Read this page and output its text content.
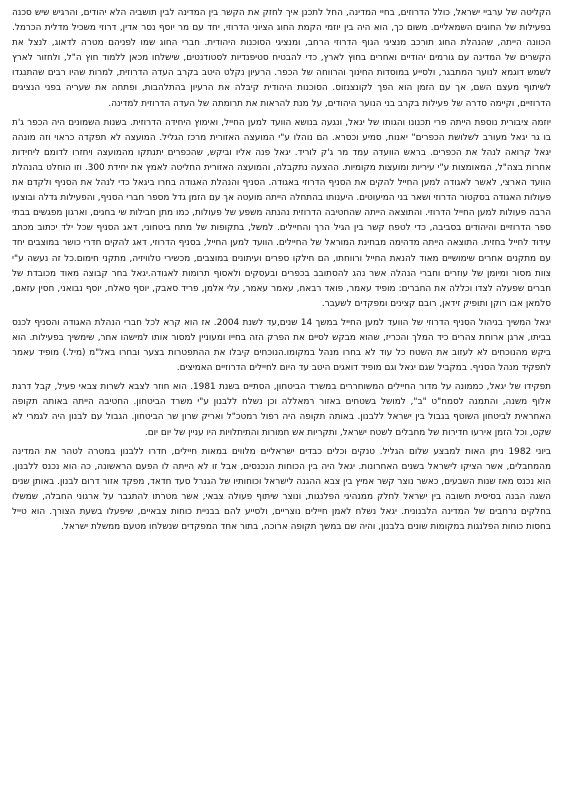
הקליטה של ערביי ישראל, כולל הדרוזים, בחיי המדינה, החל לתכנן איך לחזק את הקשר בין המדינה לבין תושביה הלא יהודים, והרגיש שיש סכנה בפעילות של החוגים השמאליים. משום כך, הוא היה בין יוזמי הקמת החוג הציוני הדרוזי, יחד עם מר יוסף נסר אדין, דרוזי משכיל מדלית הכרמל. הכוונה הייתה, שהנהלת החוג תורכב מנציגי הגוף הדרוזי הרחב, ומנציגי הסוכנות היהודית. חברי החוג שמו לפניהם מטרה לדאוג, לנצל את הקשרים של המדינה עם גורמים יהודיים ואחרים בחוץ לארץ, כדי להבטיח סטיפנדיות לסטודנטים, שישלחו מכאן ללמוד חוץ ה"ל, ולחזור לארץ לשמש דוגמא לנוער המתבגר, ולסייע במוסדות החינוך והרווחה של הכפר. הרעיון נקלט היטב בקרב העדה הדרוזית, למרות שהיו רבים שהתנגדו לשיתוף מעצם השם, אך עם הזמן הוא הפך לקונצנזוס. הסוכנות היהודית קיבלה את הרעיון בהתלהבות, ופתחה את שעריה בפני הנציגים הדרוזיים, וקיימה סדרה של פעילות בקרב בני הנוער היהודים, על מנת להראות את תרומתה של העדה הדרוזית למדינה.

יוזמה ציבורית נוספת הייתה פרי תכנונו והגותו של יגאל, ונגעה בנושא הוועד למען החייל, ואימוץ היחידה הדרוזית. בשנות השמונים היה הכפר ג'ת בו גר יגאל מעורב לשלושת הכפרים" יאנוח, סמיע וכסרא. הם נוהלו ע"י המועצה האזורית מרכז הגליל. המועצה לא תפקדה כראוי וזה מונהה יגאל קרואה לנהל את הכפרים. בראש הוועדה עמד מר ג'ק לוריד. יגאל פנה אליו וביקש, שהכפרים יתנתקו מהמועצה ויחזרו לדומם ליחידות אחרות בצה"ל, המאומצות ע"י עיריות ומועצות מקומיות. ההצעה נתקבלה, והמועצה האזורית החליטה לאמץ את יחידת 300. וזו הוחלט בהנהלת הוועד הארצי, לאשר לאגודה למען החייל להקים את הסניף הדרוזי באגודה. הסניף והנהלת האגודה בחרו ביגאל כדי לנהל את הסניף ולקדם את פעולות האגודה בסקטור הדרוזי ושאר בני המיעוטים. היענותו בהתחלה הייתה מועטה אך עם הזמן גדל מספר חברי הסניף, והפעילות גדלה ובוצעו הרבה פעולות למען החייל הדרוזי. והתוצאה הייתה שהחטיבה הדרוזית נהנתה משפע של פעולות, כמו מתן חבילות שי בחגים, וארגון מפגשים בבתי ספר הדרוזיים והיהודים בסביבה, כדי לטפח קשר בין הגיל הרך והחיילים. למשל, בתקופות של מתח ביטחוני, דאג הסניף שכל ילד יכתוב מכתב עידוד לחייל בחזית. התוצאה הייתה מדהימה מבחינת המוראל של החיילים. הוועד למען החייל, בסניף הדרוזי, דאג להקים חדרי כושר במוצבים יחד עם מתקנים אחרים שימושיים מאוד להנאת החייל ורווחתו, הם חילקו ספרים ועיתונים במוצבים, מכשירי טלוויזיה, מתקני חימום.כל זה נעשה ע"י צוות מסור ומיומן של עוזרים וחברי הנהלה אשר נהג להסתובב בכפרים ובעסקים ולאסוף תרומות לאגודה.יגאל בחר קבוצה מאוד מכובדת של חברים שפעלה לצדו וכללה את החברים: מופיד עאמר, פואד רבאח, עאמר עאמר, עלי אלמן, פריד סאבק, יוסף סאלח, יוסף נבואני, חסין עזאם, סלמאן אבו רוקן ותופיק זידאן, רובם קצינים ומפקדים לשעבר.

יגאל המשיך בניהול הסניף הדרוזי של הוועד למען החייל במשך 14 שנים,עד לשנת 2004. אז הוא קרא לכל חברי הנהלת האגודה והסניף לכנס בביתו, ארגן ארוחת צהרים כיד המלך והכריז, שהוא מבקש לסיים את הפרק הזה בחייו ומעוניין למסור אותו למישהו אחר, שימשיך בפעילות. הוא ביקש מהנוכחים לא לעזוב את השטח כל עוד לא בחרו מנהל במקומו.הנוכחים קיבלו את ההתפטרות בצער ובחרו באל"מ (מיל.) מופיד עאמר לתפקיד מנהל הסניף. במקביל שגם יגאל וגם מופיד דואגים היטב עד היום לחיילים הדרוזיים האמיצים.

תפקידו של יגאל, כממונה על מדור החיילים המשוחררים במשרד הביטחון, הסתיים בשנת 1981. הוא חוזר לצבא לשרות צבאי פעיל, קבל דרגת אלוף משנה, והתמנה לסמח"ט "ב", למושל בשטחים באזור רמאללה וכן נשלח ללבנון ע"י משרד הביטחון. החטיבה הייתה באותה תקופה האחראית לביטחון השוטף בגבול בין ישראל ללבנון. באותה תקופה היה רפול רמטכ"ל ואריק שרון שר הביטחון. הגבול עם לבנון היה לגמרי לא שקט, וכל הזמן אירעו חדירות של מחבלים לשטח ישראל, ותקריות אש חמורות והתיתלויות היו עניין של יום יום.

ביוני 1982 ניתן האות למבצע שלום הגליל. טנקים וכלים כבדים ישראליים מלווים במאות חיילים, חדרו ללבנון במטרה לטהר את המדינה מהמחבלים, אשר הציקו לישראל בשנים האחרונות. יגאל היה בין הכוחות הנכנסים, אבל זו לא הייתה לו הפעם הראשונה, כה הוא נכנס ללבנון. הוא נכנס מאז שנות השבעים, כאשר נוצר קשר אמיץ בין צבא ההגנה לישראל וכוחותיו של הגנרל סעד חדאד, מפקד אזור דרום לבנון. באותן שנים השגה הבנה בסיסית חשובה בין ישראל לחלק ממנהיגי הפלנגות, ונוצר שיתוף פעולה צבאי, אשר מטרתו להתגבר על ארגוני החבלה, שמשלו בחלקים נרחבים של המדינה הלבנונית. יגאל נשלח לאמן חיילים נוצריים, ולסייע להם בבניית כוחות צבאיים, שיפעלו בשעת הצורך. הוא טייל בחסות כוחות הפלנגות במקומות שונים בלבנון, והיה שם במשך תקופה ארוכה, בתור אחד המפקדים שנשלחו מטעם ממשלת ישראל.
